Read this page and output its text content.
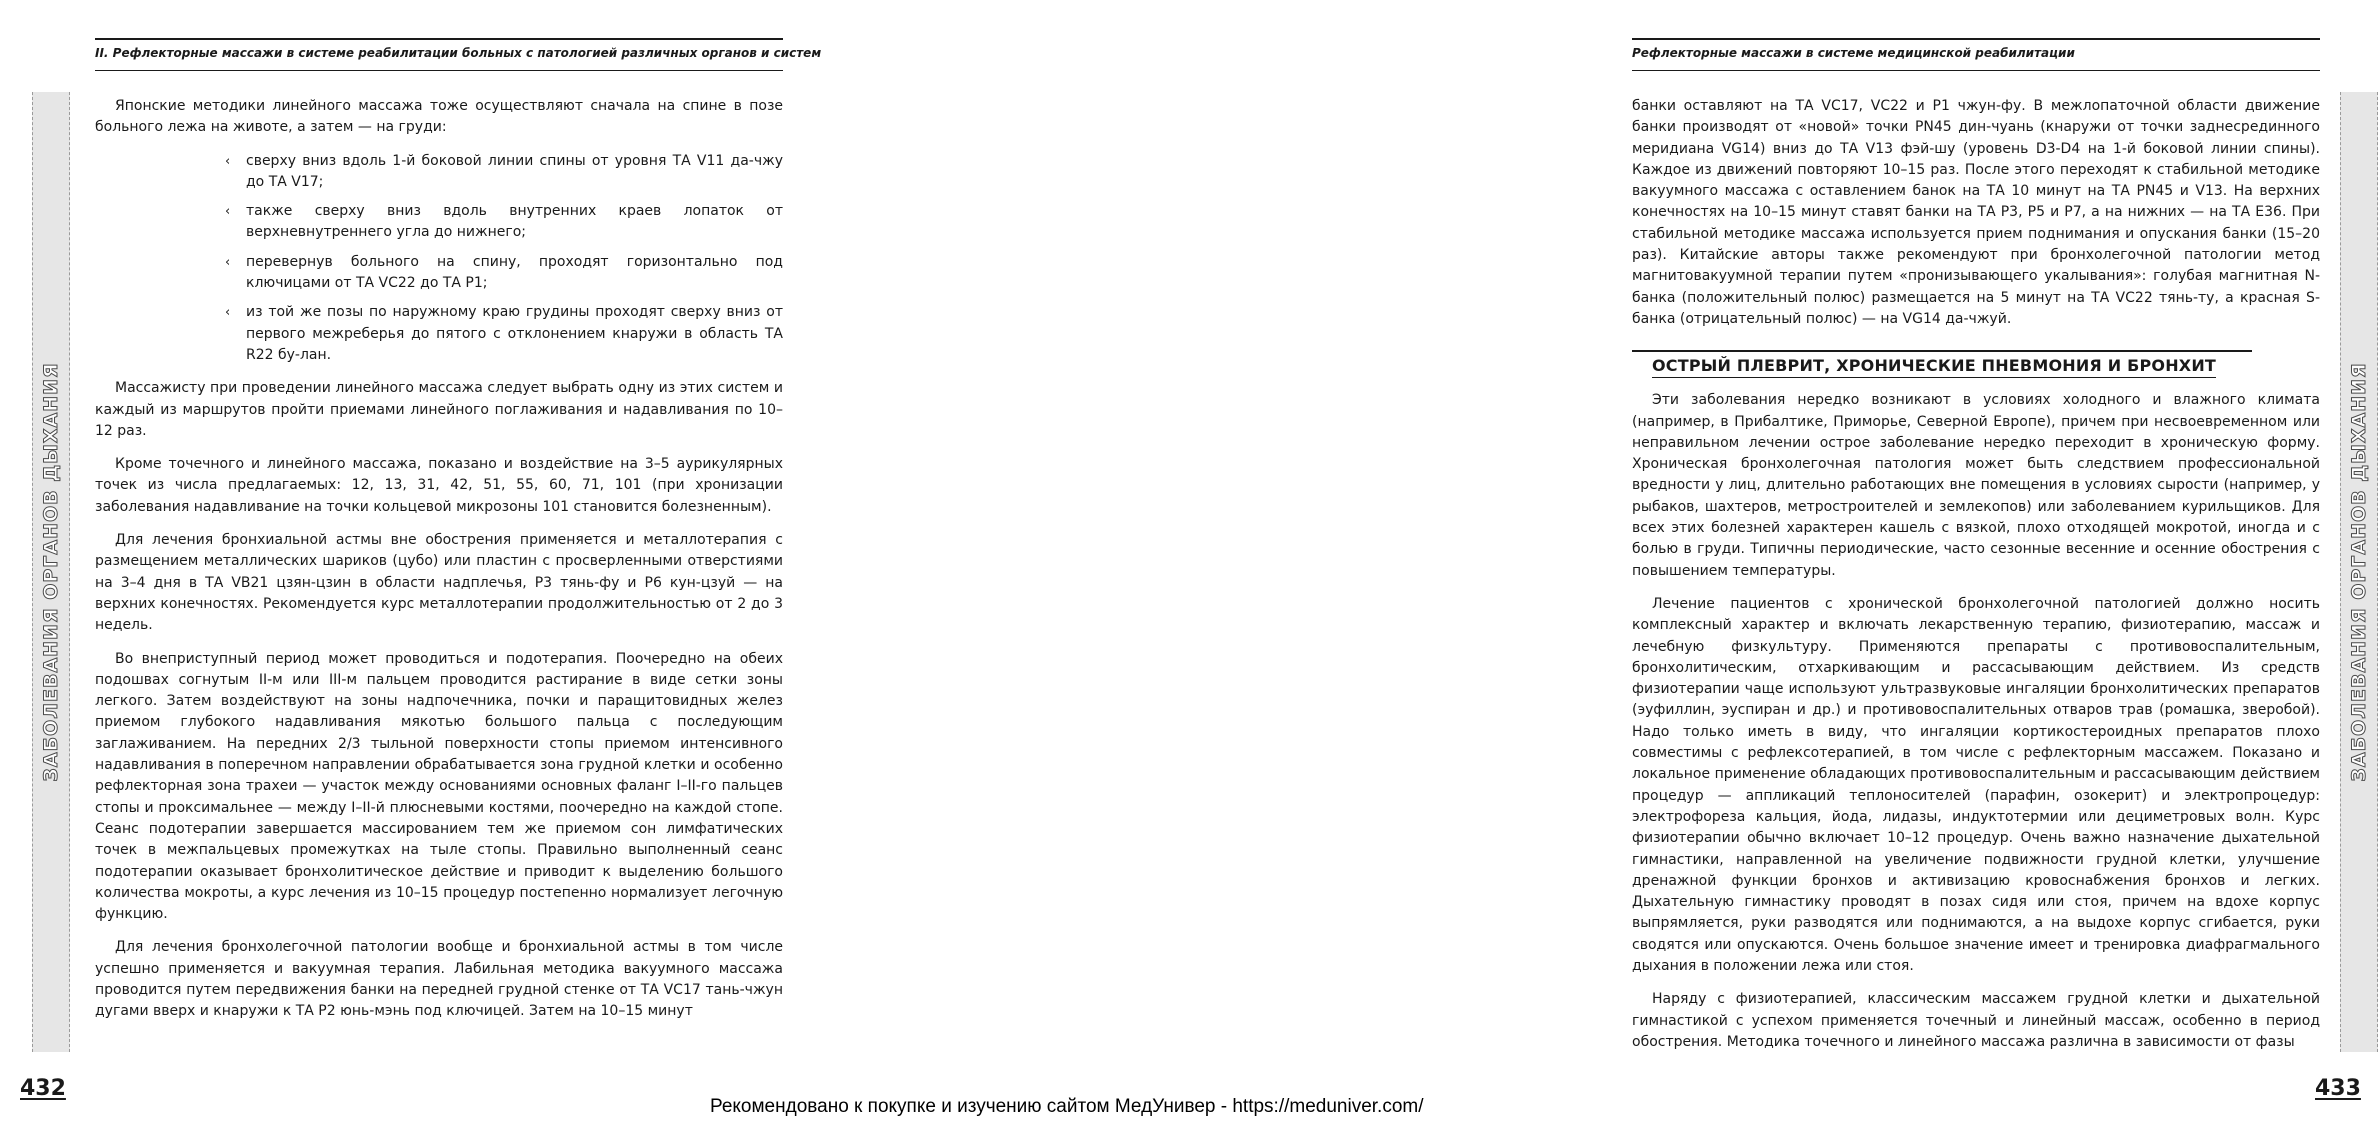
II. Рефлекторные массажи в системе реабилитации больных с патологией различных органов и систем
ЗАБОЛЕВАНИЯ ОРГАНОВ ДЫХАНИЯ

Японские методики линейного массажа тоже осуществляют сначала на спине в позе больного лежа на животе, а затем — на груди:

‹ сверху вниз вдоль 1-й боковой линии спины от уровня ТА V11 да-чжу до ТА V17;
‹ также сверху вниз вдоль внутренних краев лопаток от верхневнутреннего угла до нижнего;
‹ перевернув больного на спину, проходят горизонтально под ключицами от ТА VC22 до ТА P1;
‹ из той же позы по наружному краю грудины проходят сверху вниз от первого межреберья до пятого с отклонением кнаружи в область ТА R22 бу-лан.

Массажисту при проведении линейного массажа следует выбрать одну из этих систем и каждый из маршрутов пройти приемами линейного поглаживания и надавливания по 10–12 раз.

Кроме точечного и линейного массажа, показано и воздействие на 3–5 аурикулярных точек из числа предлагаемых: 12, 13, 31, 42, 51, 55, 60, 71, 101 (при хронизации заболевания надавливание на точки кольцевой микрозоны 101 становится болезненным).

Для лечения бронхиальной астмы вне обострения применяется и металлотерапия с размещением металлических шариков (цубо) или пластин с просверленными отверстиями на 3–4 дня в ТА VB21 цзян-цзин в области надплечья, P3 тянь-фу и P6 кун-цзуй — на верхних конечностях. Рекомендуется курс металлотерапии продолжительностью от 2 до 3 недель.

Во внеприступный период может проводиться и подотерапия. Поочередно на обеих подошвах согнутым II-м или III-м пальцем проводится растирание в виде сетки зоны легкого. Затем воздействуют на зоны надпочечника, почки и паращитовидных желез приемом глубокого надавливания мякотью большого пальца с последующим заглаживанием. На передних 2/3 тыльной поверхности стопы приемом интенсивного надавливания в поперечном направлении обрабатывается зона грудной клетки и особенно рефлекторная зона трахеи — участок между основаниями основных фаланг I–II-го пальцев стопы и проксимальнее — между I–II-й плюсневыми костями, поочередно на каждой стопе. Сеанс подотерапии завершается массированием тем же приемом сон лимфатических точек в межпальцевых промежутках на тыле стопы. Правильно выполненный сеанс подотерапии оказывает бронхолитическое действие и приводит к выделению большого количества мокроты, а курс лечения из 10–15 процедур постепенно нормализует легочную функцию.

Для лечения бронхолегочной патологии вообще и бронхиальной астмы в том числе успешно применяется и вакуумная терапия. Лабильная методика вакуумного массажа проводится путем передвижения банки на передней грудной стенке от ТА VC17 тань-чжун дугами вверх и кнаружи к ТА P2 юнь-мэнь под ключицей. Затем на 10–15 минут

432
Рефлекторные массажи в системе медицинской реабилитации
ЗАБОЛЕВАНИЯ ОРГАНОВ ДЫХАНИЯ

банки оставляют на ТА VC17, VC22 и P1 чжун-фу. В межлопаточной области движение банки производят от «новой» точки PN45 дин-чуань (кнаружи от точки заднесрединного меридиана VG14) вниз до ТА V13 фэй-шу (уровень D3-D4 на 1-й боковой линии спины). Каждое из движений повторяют 10–15 раз. После этого переходят к стабильной методике вакуумного массажа с оставлением банок на ТА 10 минут на ТА PN45 и V13. На верхних конечностях на 10–15 минут ставят банки на ТА P3, P5 и P7, а на нижних — на ТА E36. При стабильной методике массажа используется прием поднимания и опускания банки (15–20 раз). Китайские авторы также рекомендуют при бронхолегочной патологии метод магнитовакуумной терапии путем «пронизывающего укалывания»: голубая магнитная N-банка (положительный полюс) размещается на 5 минут на ТА VC22 тянь-ту, а красная S-банка (отрицательный полюс) — на VG14 да-чжуй.

ОСТРЫЙ ПЛЕВРИТ, ХРОНИЧЕСКИЕ ПНЕВМОНИЯ И БРОНХИТ

Эти заболевания нередко возникают в условиях холодного и влажного климата (например, в Прибалтике, Приморье, Северной Европе), причем при несвоевременном или неправильном лечении острое заболевание нередко переходит в хроническую форму. Хроническая бронхолегочная патология может быть следствием профессиональной вредности у лиц, длительно работающих вне помещения в условиях сырости (например, у рыбаков, шахтеров, метростроителей и землекопов) или заболеванием курильщиков. Для всех этих болезней характерен кашель с вязкой, плохо отходящей мокротой, иногда и с болью в груди. Типичны периодические, часто сезонные весенние и осенние обострения с повышением температуры.

Лечение пациентов с хронической бронхолегочной патологией должно носить комплексный характер и включать лекарственную терапию, физиотерапию, массаж и лечебную физкультуру. Применяются препараты с противовоспалительным, бронхолитическим, отхаркивающим и рассасывающим действием. Из средств физиотерапии чаще используют ультразвуковые ингаляции бронхолитических препаратов (эуфиллин, эуспиран и др.) и противовоспалительных отваров трав (ромашка, зверобой). Надо только иметь в виду, что ингаляции кортикостероидных препаратов плохо совместимы с рефлексотерапией, в том числе с рефлекторным массажем. Показано и локальное применение обладающих противовоспалительным и рассасывающим действием процедур — аппликаций теплоносителей (парафин, озокерит) и электропроцедур: электрофореза кальция, йода, лидазы, индуктотермии или дециметровых волн. Курс физиотерапии обычно включает 10–12 процедур. Очень важно назначение дыхательной гимнастики, направленной на увеличение подвижности грудной клетки, улучшение дренажной функции бронхов и активизацию кровоснабжения бронхов и легких. Дыхательную гимнастику проводят в позах сидя или стоя, причем на вдохе корпус выпрямляется, руки разводятся или поднимаются, а на выдохе корпус сгибается, руки сводятся или опускаются. Очень большое значение имеет и тренировка диафрагмального дыхания в положении лежа или стоя.

Наряду с физиотерапией, классическим массажем грудной клетки и дыхательной гимнастикой с успехом применяется точечный и линейный массаж, особенно в период обострения. Методика точечного и линейного массажа различна в зависимости от фазы

433
Рекомендовано к покупке и изучению сайтом МедУнивер - https://meduniver.com/
